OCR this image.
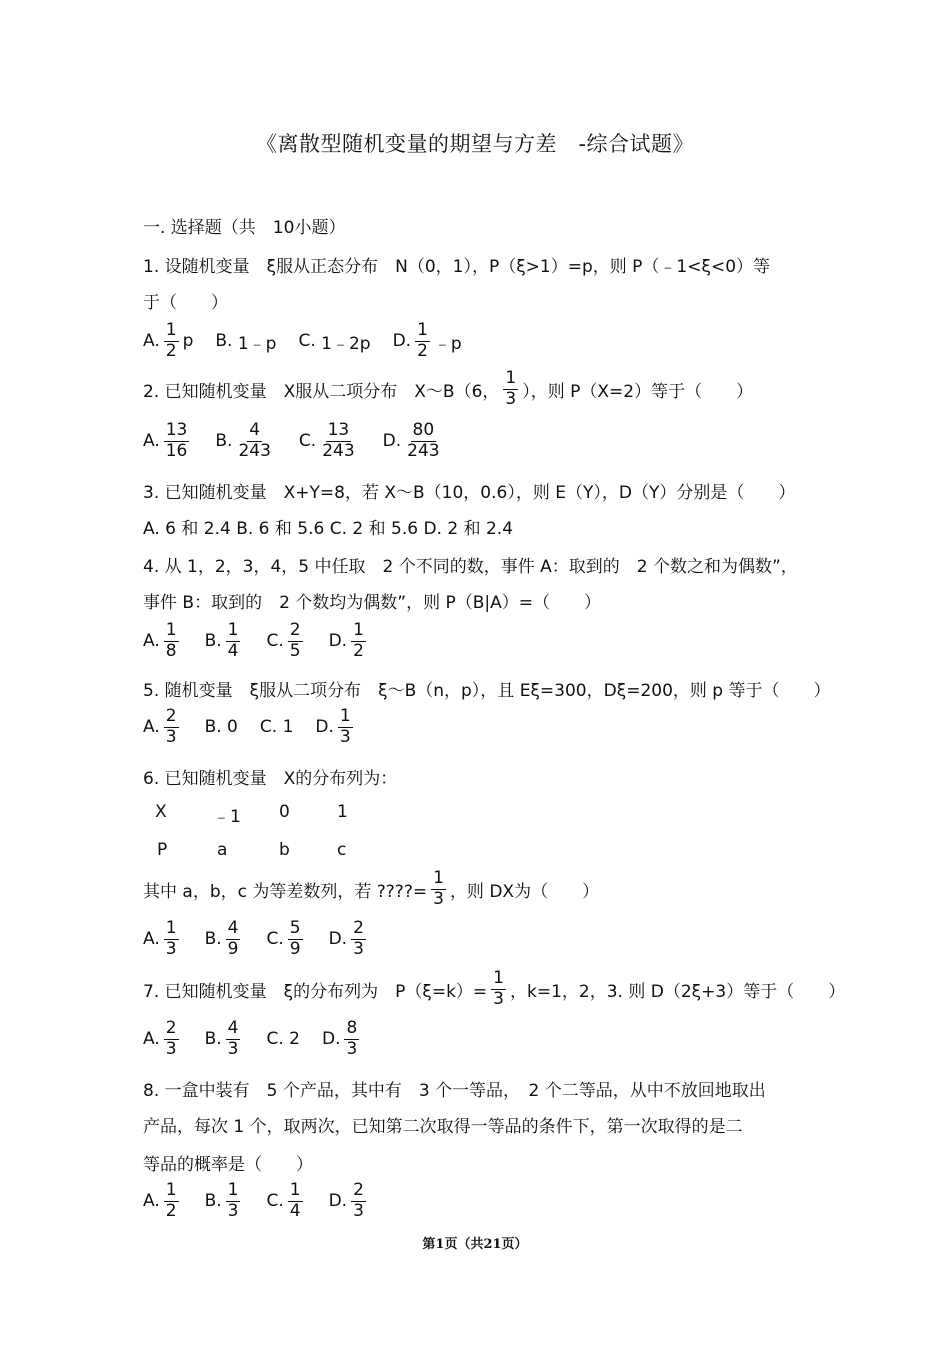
《离散型随机变量的期望与方差　-综合试题》
一. 选择题（共　10小题）
1. 设随机变量　ξ服从正态分布　N（0，1），P（ξ>1）=p，则 P（﹣1<ξ<0）等
于（　　）
A. $\frac{1}{2}$ p B.
1﹣p C.
1﹣2p D. $\frac{1}{2}$ ﹣p
2. 已知随机变量　X服从二项分布　X～B（6， $\frac{1}{3}$ ），则 P（X=2）等于（　　）
A. $\frac{13}{16} B$. $\frac{4}{243} C$. $\frac{13}{243} D$. $\frac{80}{243}$
3. 已知随机变量　X+Y=8，若 X～B（10，0.6），则 E（Y），D（Y）分别是（　　）
A. 6 和 2.4 B. 6 和 5.6 C. 2 和 5.6 D. 2 和 2.4
4. 从 1，2，3，4，5 中任取　2 个不同的数，事件 A：取到的　2 个数之和为偶数”，
事件 B：取到的　2 个数均为偶数”，则 P（B|A）=（　　）
A. $\frac{1}{8} B$. $\frac{1}{4} C$. $\frac{2}{5} D$. $\frac{1}{2}$
5. 随机变量　ξ服从二项分布　ξ～B（n，p），且 Eξ=300，Dξ=200，则 p 等于（　　）
A. $\frac{2}{3} B$.
0 C.
1 D. $\frac{1}{3}$
6. 已知随机变量　X的分布列为：
X	﹣1 0	1
P	a	b	c
其中 a，b，c 为等差数列，若 ????= $\frac{1}{3}$ ，则 DX为（　　）
A. $\frac{1}{3} B$. $\frac{4}{9} C$. $\frac{5}{9} D$. $\frac{2}{3}$
7. 已知随机变量　ξ的分布列为　$P(\xi=k)= \frac{1}{3}$ ，k=1，2，3. 则 D（2ξ+3）等于（　　）
A. $\frac{2}{3} B$. $\frac{4}{3} C$.
2 D. $\frac{8}{3}$
8. 一盒中装有　5 个产品，其中有　3 个一等品，　2 个二等品，从中不放回地取出
产品，每次 1 个，取两次，已知第二次取得一等品的条件下，第一次取得的是二
等品的概率是（　　）
A. $\frac{1}{2} B$. $\frac{1}{3} C$. $\frac{1}{4} D$. $\frac{2}{3}$
第1页（共21页）
